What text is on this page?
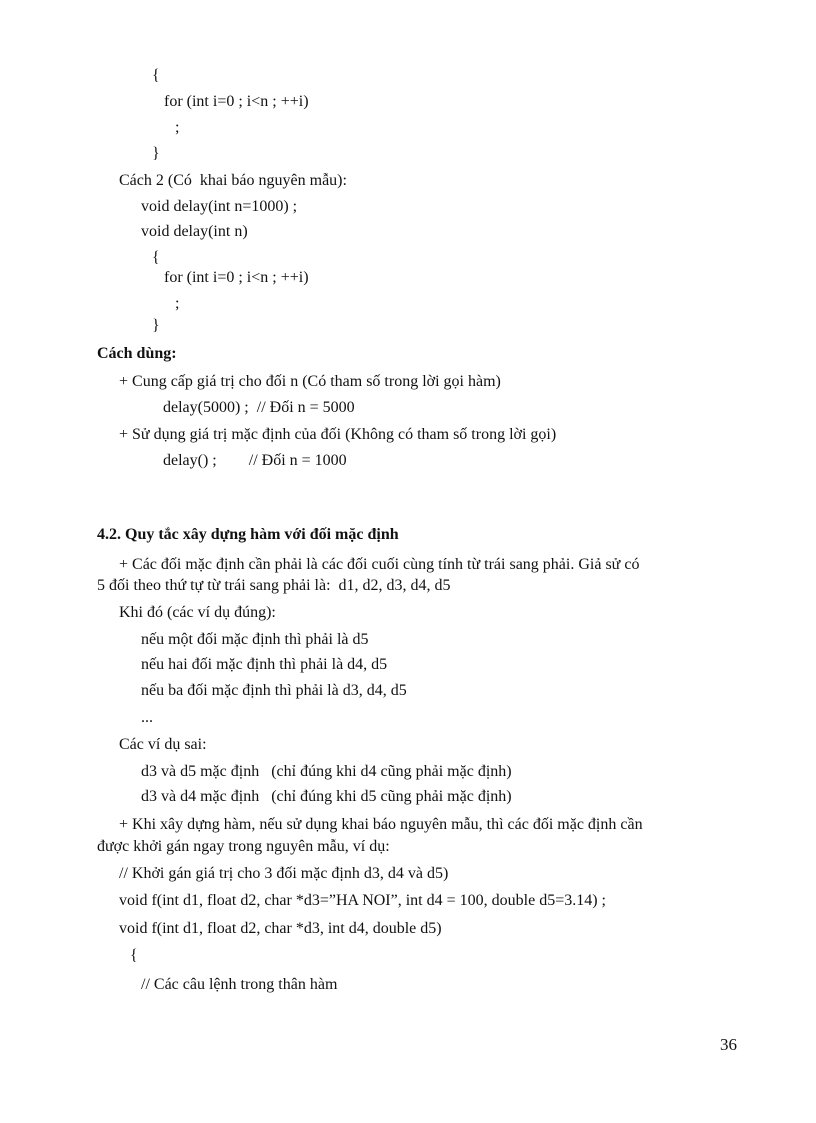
{
for (int i=0 ; i<n ; ++i)
;
}
Cách 2 (Có  khai báo nguyên mẫu):
void delay(int n=1000) ;
void delay(int n)
{
for (int i=0 ; i<n ; ++i)
;
}
Cách dùng:
+ Cung cấp giá trị cho đối n (Có tham số trong lời gọi hàm)
delay(5000) ;  // Đối n = 5000
+ Sử dụng giá trị mặc định của đối (Không có tham số trong lời gọi)
delay() ;        // Đối n = 1000
4.2. Quy tắc xây dựng hàm với đối mặc định
+ Các đối mặc định cần phải là các đối cuối cùng tính từ trái sang phải. Giả sử có
5 đối theo thứ tự từ trái sang phải là:  d1, d2, d3, d4, d5
Khi đó (các ví dụ đúng):
nếu một đối mặc định thì phải là d5
nếu hai đối mặc định thì phải là d4, d5
nếu ba đối mặc định thì phải là d3, d4, d5
...
Các ví dụ sai:
d3 và d5 mặc định   (chỉ đúng khi d4 cũng phải mặc định)
d3 và d4 mặc định   (chỉ đúng khi d5 cũng phải mặc định)
+ Khi xây dựng hàm, nếu sử dụng khai báo nguyên mẫu, thì các đối mặc định cần
được khởi gán ngay trong nguyên mẫu, ví dụ:
// Khởi gán giá trị cho 3 đối mặc định d3, d4 và d5)
void f(int d1, float d2, char *d3=”HA NOI”, int d4 = 100, double d5=3.14) ;
void f(int d1, float d2, char *d3, int d4, double d5)
{
// Các câu lệnh trong thân hàm
36
